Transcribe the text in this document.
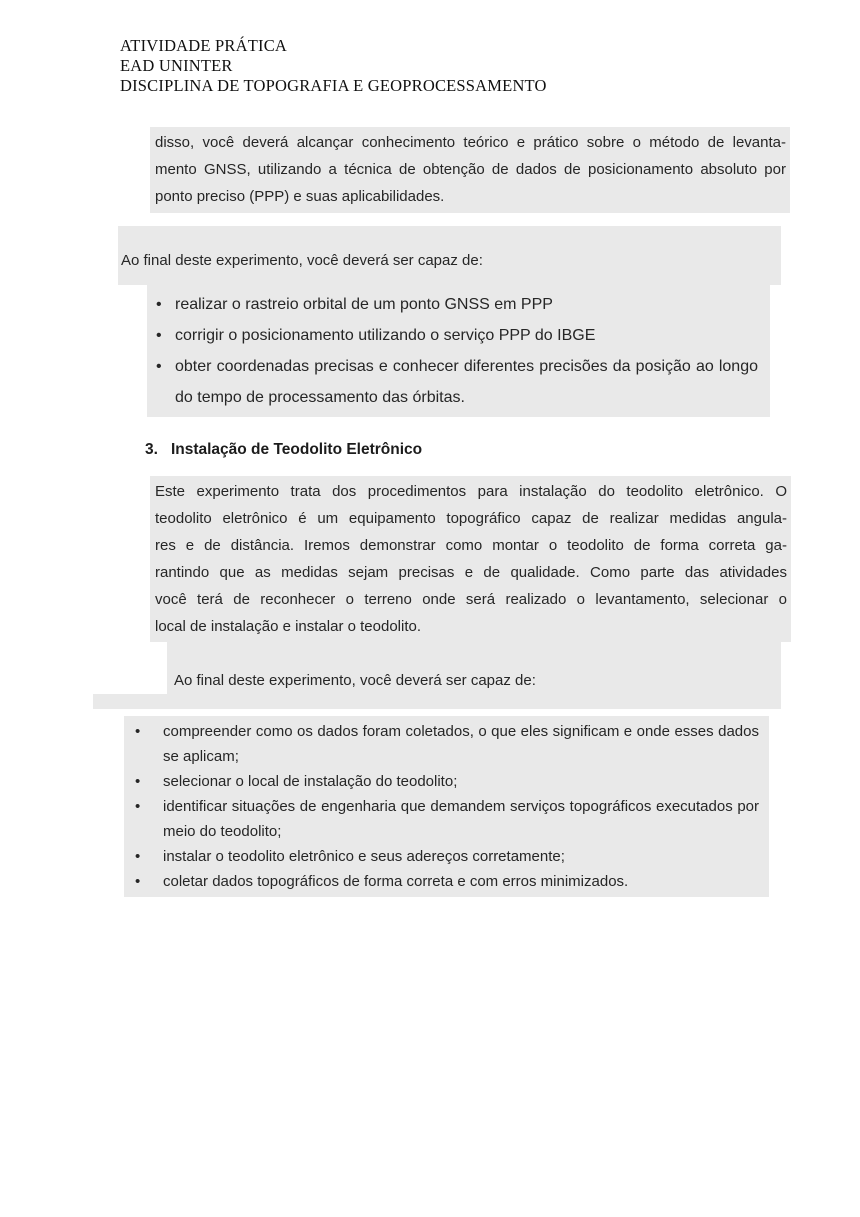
ATIVIDADE PRÁTICA
EAD UNINTER
DISCIPLINA DE TOPOGRAFIA E GEOPROCESSAMENTO
disso, você deverá alcançar conhecimento teórico e prático sobre o método de levanta-
mento GNSS, utilizando a técnica de obtenção de dados de posicionamento absoluto por
ponto preciso (PPP) e suas aplicabilidades.
Ao final deste experimento, você deverá ser capaz de:
• realizar o rastreio orbital de um ponto GNSS em PPP
• corrigir o posicionamento utilizando o serviço PPP do IBGE
• obter coordenadas precisas e conhecer diferentes precisões da posição ao longo do tempo de processamento das órbitas.
3. Instalação de Teodolito Eletrônico
Este experimento trata dos procedimentos para instalação do teodolito eletrônico. O
teodolito eletrônico é um equipamento topográfico capaz de realizar medidas angula-
res e de distância. Iremos demonstrar como montar o teodolito de forma correta ga-
rantindo que as medidas sejam precisas e de qualidade. Como parte das atividades
você terá de reconhecer o terreno onde será realizado o levantamento, selecionar o
local de instalação e instalar o teodolito.
Ao final deste experimento, você deverá ser capaz de:
• compreender como os dados foram coletados, o que eles significam e onde esses dados se aplicam;
• selecionar o local de instalação do teodolito;
• identificar situações de engenharia que demandem serviços topográficos executados por meio do teodolito;
• instalar o teodolito eletrônico e seus adereços corretamente;
• coletar dados topográficos de forma correta e com erros minimizados.
